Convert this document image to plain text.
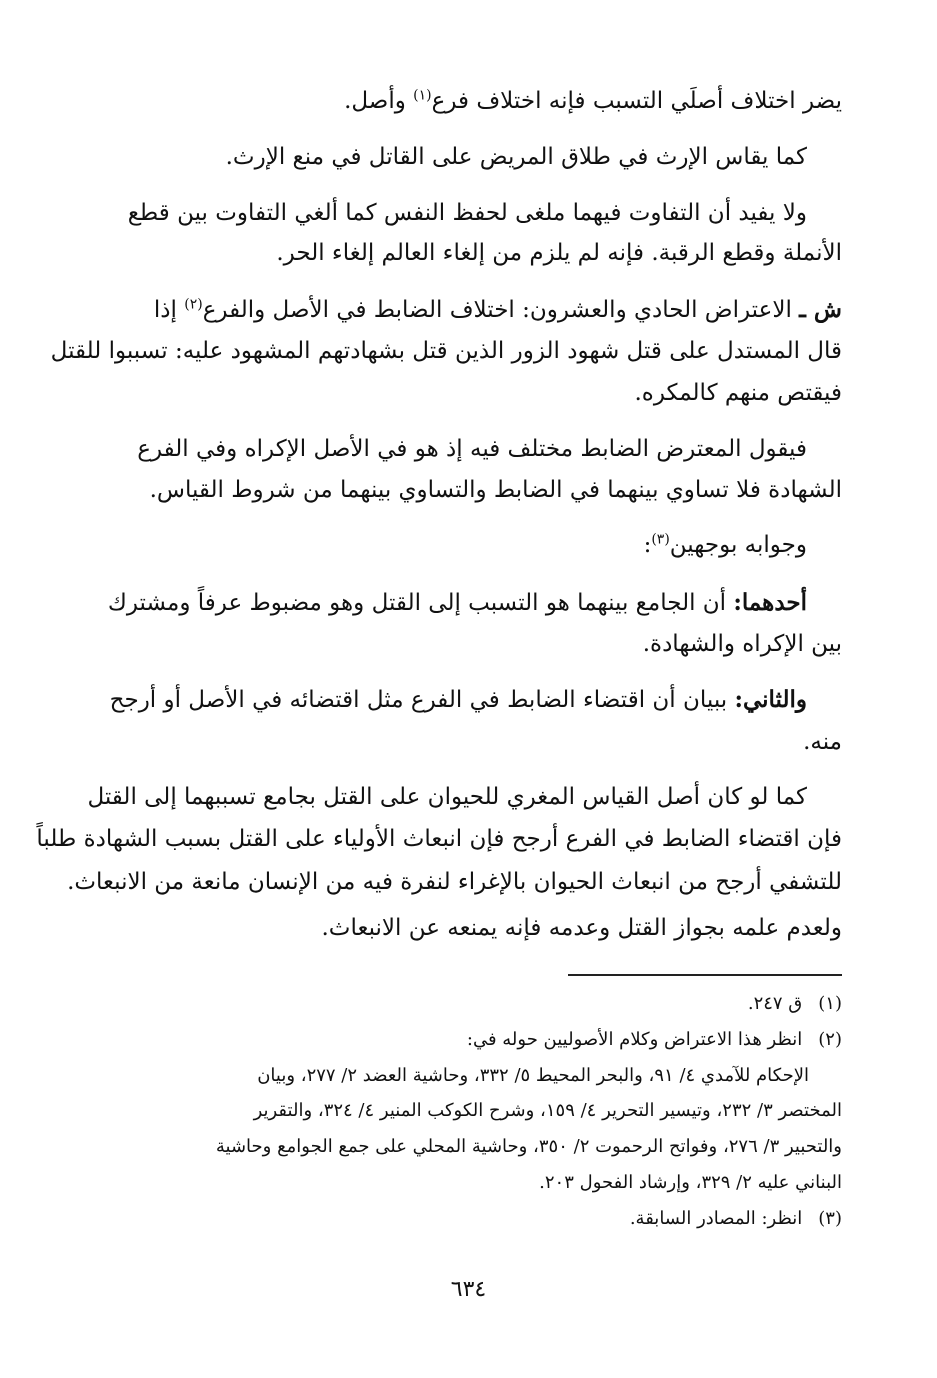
يضر اختلاف أصلَي التسبب فإنه اختلاف فرع$^{(١)}$ وأصل.

كما يقاس الإرث في طلاق المريض على القاتل في منع الإرث.

ولا يفيد أن التفاوت فيهما ملغى لحفظ النفس كما ألغي التفاوت بين قطع

الأنملة وقطع الرقبة. فإنه لم يلزم من إلغاء العالم إلغاء الحر.

ش ـ الاعتراض الحادي والعشرون: اختلاف الضابط في الأصل والفرع$^{(٢)}$ إذا

قال المستدل على قتل شهود الزور الذين قتل بشهادتهم المشهود عليه: تسببوا للقتل

فيقتص منهم كالمكره.

فيقول المعترض الضابط مختلف فيه إذ هو في الأصل الإكراه وفي الفرع

الشهادة فلا تساوي بينهما في الضابط والتساوي بينهما من شروط القياس.

وجوابه بوجهين$^{(٣)}$:

أحدهما: أن الجامع بينهما هو التسبب إلى القتل وهو مضبوط عرفاً ومشترك

بين الإكراه والشهادة.

والثاني: ببيان أن اقتضاء الضابط في الفرع مثل اقتضائه في الأصل أو أرجح

منه.

كما لو كان أصل القياس المغري للحيوان على القتل بجامع تسببهما إلى القتل

فإن اقتضاء الضابط في الفرع أرجح فإن انبعاث الأولياء على القتل بسبب الشهادة طلباً

للتشفي أرجح من انبعاث الحيوان بالإغراء لنفرة فيه من الإنسان مانعة من الانبعاث.

ولعدم علمه بجواز القتل وعدمه فإنه يمنعه عن الانبعاث.

(١) ق ٢٤٧.

(٢) انظر هذا الاعتراض وكلام الأصوليين حوله في:

الإحكام للآمدي ٤/ ٩١، والبحر المحيط ٥/ ٣٣٢، وحاشية العضد ٢/ ٢٧٧، وبيان

المختصر ٣/ ٢٣٢، وتيسير التحرير ٤/ ١٥٩، وشرح الكوكب المنير ٤/ ٣٢٤، والتقرير

والتحبير ٣/ ٢٧٦، وفواتح الرحموت ٢/ ٣٥٠، وحاشية المحلي على جمع الجوامع وحاشية

البناني عليه ٢/ ٣٢٩، وإرشاد الفحول ٢٠٣.

(٣) انظر: المصادر السابقة.

٦٣٤
